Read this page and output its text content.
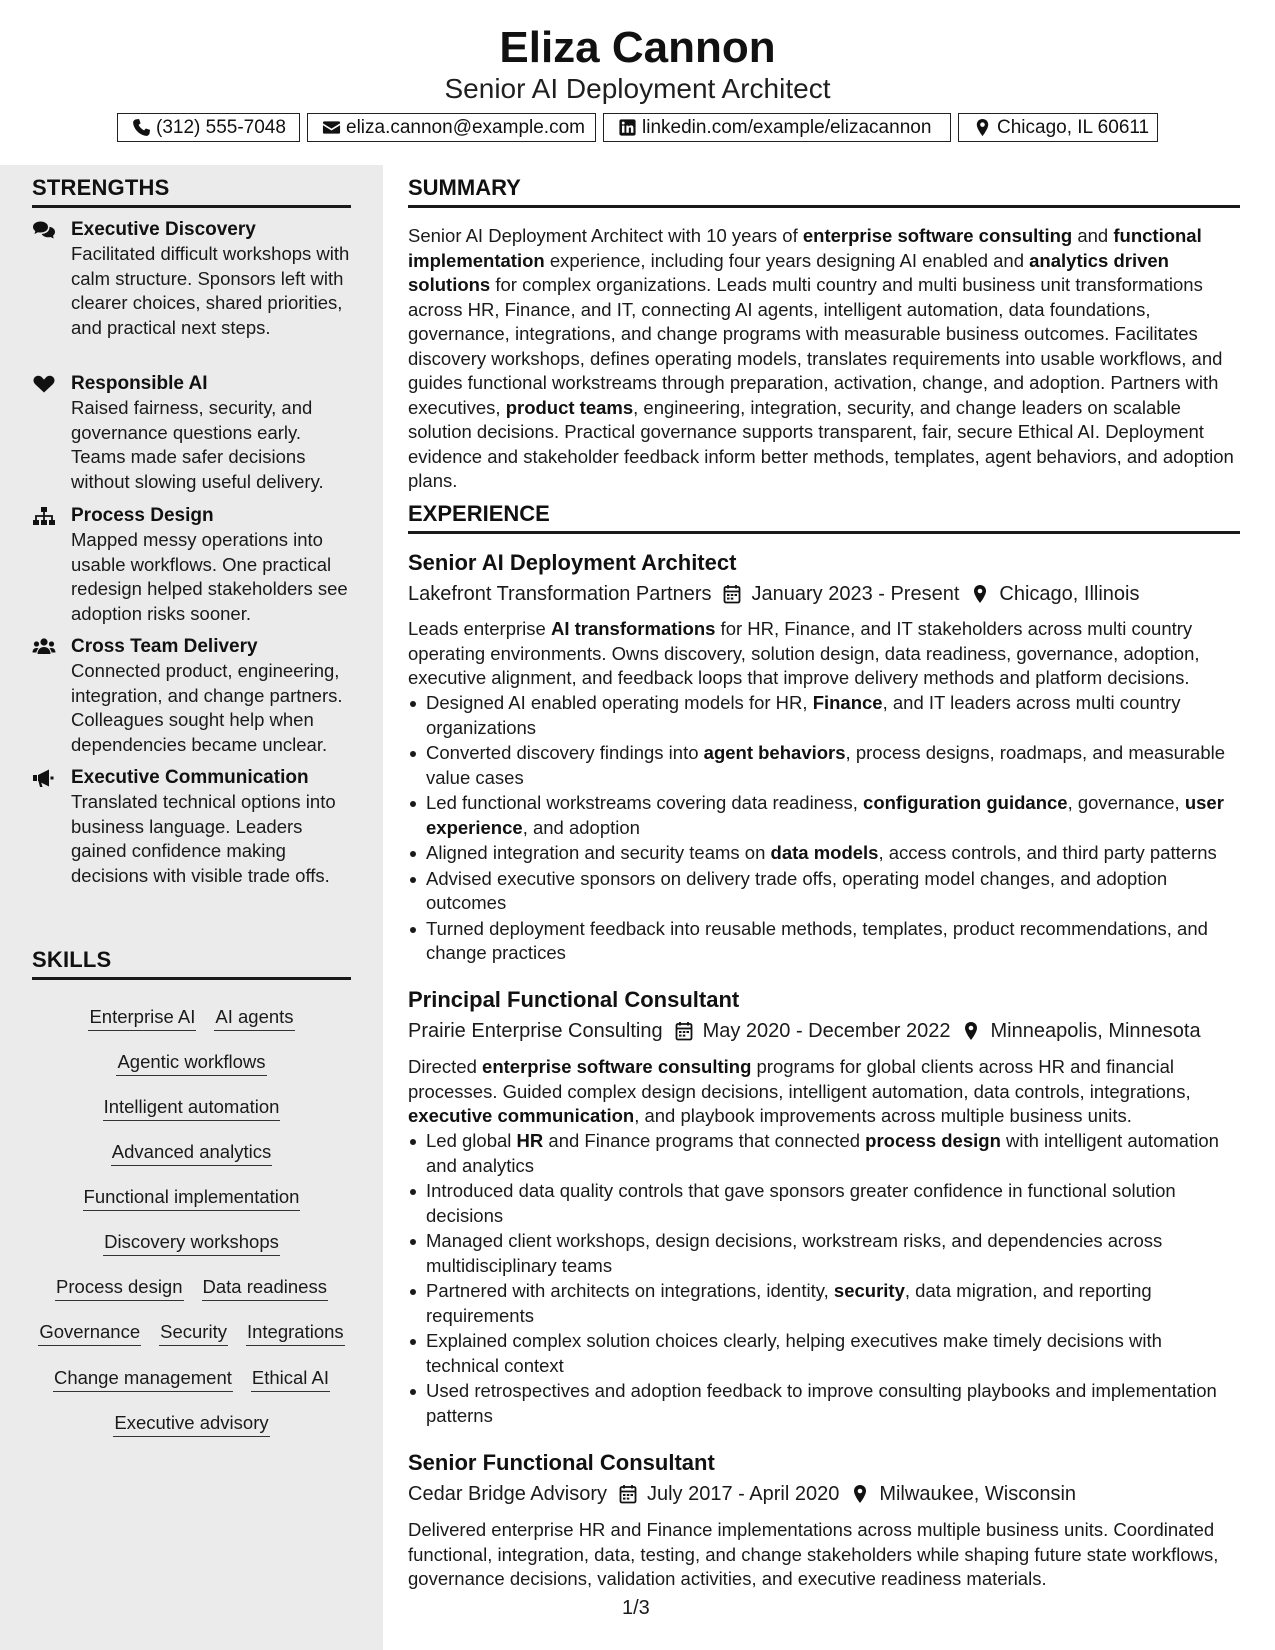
Eliza Cannon
Senior AI Deployment Architect
(312) 555-7048	eliza.cannon@example.com	linkedin.com/example/elizacannon	Chicago, IL 60611
STRENGTHS
Executive Discovery
Facilitated difficult workshops with calm structure. Sponsors left with clearer choices, shared priorities, and practical next steps.
Responsible AI
Raised fairness, security, and governance questions early. Teams made safer decisions without slowing useful delivery.
Process Design
Mapped messy operations into usable workflows. One practical redesign helped stakeholders see adoption risks sooner.
Cross Team Delivery
Connected product, engineering, integration, and change partners. Colleagues sought help when dependencies became unclear.
Executive Communication
Translated technical options into business language. Leaders gained confidence making decisions with visible trade offs.
SKILLS
Enterprise AI AI agents
Agentic workflows
Intelligent automation
Advanced analytics
Functional implementation
Discovery workshops
Process design Data readiness
Governance Security Integrations
Change management Ethical AI
Executive advisory
SUMMARY
Senior AI Deployment Architect with 10 years of enterprise software consulting and functional implementation experience, including four years designing AI enabled and analytics driven solutions for complex organizations. Leads multi country and multi business unit transformations across HR, Finance, and IT, connecting AI agents, intelligent automation, data foundations, governance, integrations, and change programs with measurable business outcomes. Facilitates discovery workshops, defines operating models, translates requirements into usable workflows, and guides functional workstreams through preparation, activation, change, and adoption. Partners with executives, product teams, engineering, integration, security, and change leaders on scalable solution decisions. Practical governance supports transparent, fair, secure Ethical AI. Deployment evidence and stakeholder feedback inform better methods, templates, agent behaviors, and adoption plans.
EXPERIENCE
Senior AI Deployment Architect
Lakefront Transformation Partners January 2023 - Present Chicago, Illinois
Leads enterprise AI transformations for HR, Finance, and IT stakeholders across multi country operating environments. Owns discovery, solution design, data readiness, governance, adoption, executive alignment, and feedback loops that improve delivery methods and platform decisions.
Designed AI enabled operating models for HR, Finance, and IT leaders across multi country organizations
Converted discovery findings into agent behaviors, process designs, roadmaps, and measurable value cases
Led functional workstreams covering data readiness, configuration guidance, governance, user experience, and adoption
Aligned integration and security teams on data models, access controls, and third party patterns
Advised executive sponsors on delivery trade offs, operating model changes, and adoption outcomes
Turned deployment feedback into reusable methods, templates, product recommendations, and change practices
Principal Functional Consultant
Prairie Enterprise Consulting May 2020 - December 2022 Minneapolis, Minnesota
Directed enterprise software consulting programs for global clients across HR and financial processes. Guided complex design decisions, intelligent automation, data controls, integrations, executive communication, and playbook improvements across multiple business units.
Led global HR and Finance programs that connected process design with intelligent automation and analytics
Introduced data quality controls that gave sponsors greater confidence in functional solution decisions
Managed client workshops, design decisions, workstream risks, and dependencies across multidisciplinary teams
Partnered with architects on integrations, identity, security, data migration, and reporting requirements
Explained complex solution choices clearly, helping executives make timely decisions with technical context
Used retrospectives and adoption feedback to improve consulting playbooks and implementation patterns
Senior Functional Consultant
Cedar Bridge Advisory July 2017 - April 2020 Milwaukee, Wisconsin
Delivered enterprise HR and Finance implementations across multiple business units. Coordinated functional, integration, data, testing, and change stakeholders while shaping future state workflows, governance decisions, validation activities, and executive readiness materials.
1/3
